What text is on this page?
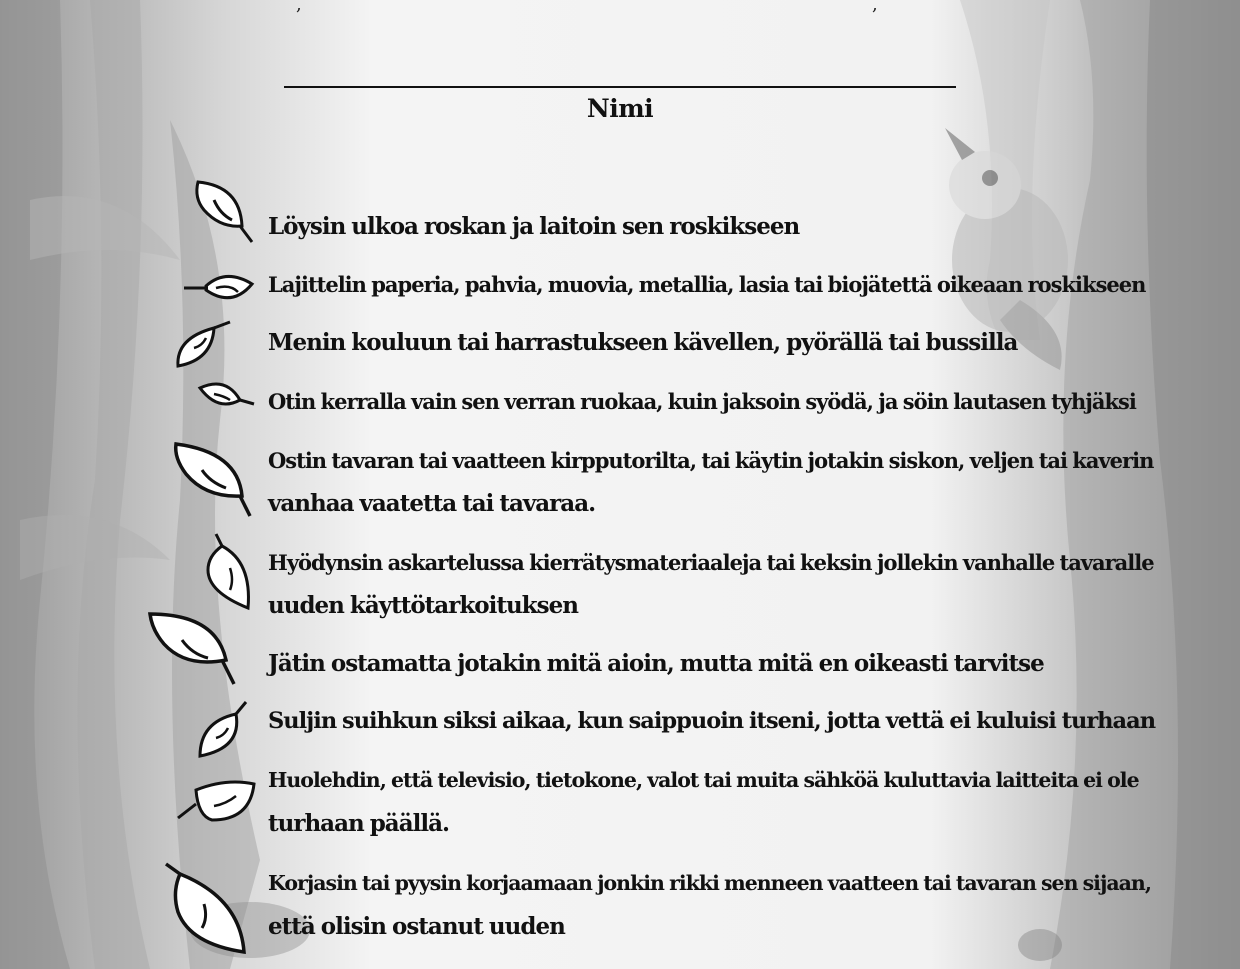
,	,
Nimi
Löysin ulkoa roskan ja laitoin sen roskikseen
Lajittelin paperia, pahvia, muovia, metallia, lasia tai biojätettä oikeaan roskikseen
Menin kouluun tai harrastukseen kävellen, pyörällä tai bussilla
Otin kerralla vain sen verran ruokaa, kuin jaksoin syödä, ja söin lautasen tyhjäksi
Ostin tavaran tai vaatteen kirpputorilta, tai käytin jotakin siskon, veljen tai kaverin
vanhaa vaatetta tai tavaraa.
Hyödynsin askartelussa kierrätysmateriaaleja tai keksin jollekin vanhalle tavaralle
uuden käyttötarkoituksen
Jätin ostamatta jotakin mitä aioin, mutta mitä en oikeasti tarvitse
Suljin suihkun siksi aikaa, kun saippuoin itseni, jotta vettä ei kuluisi turhaan
Huolehdin, että televisio, tietokone, valot tai muita sähköä kuluttavia laitteita ei ole
turhaan päällä.
Korjasin tai pyysin korjaamaan jonkin rikki menneen vaatteen tai tavaran sen sijaan,
että olisin ostanut uuden
